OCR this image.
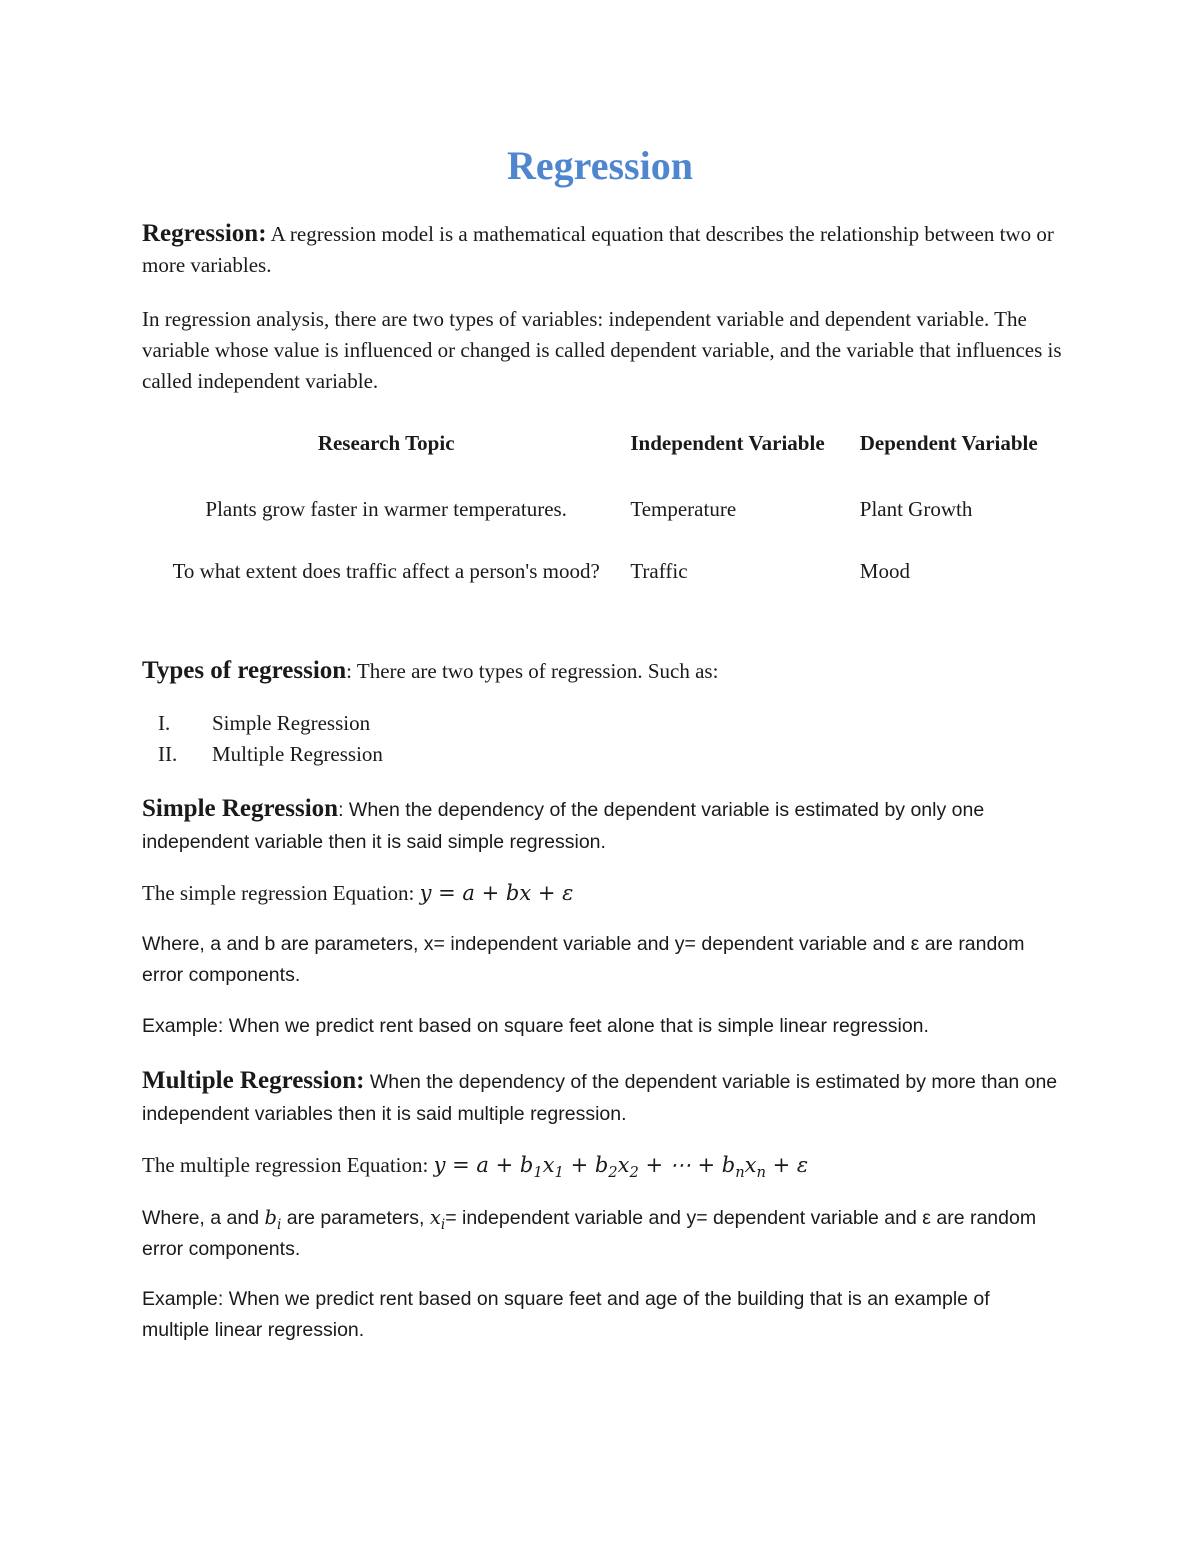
Regression
Regression: A regression model is a mathematical equation that describes the relationship between two or more variables.
In regression analysis, there are two types of variables: independent variable and dependent variable. The variable whose value is influenced or changed is called dependent variable, and the variable that influences is called independent variable.
Research Topic	Independent Variable	Dependent Variable

Plants grow faster in warmer temperatures.	Temperature	Plant Growth

To what extent does traffic affect a person's mood?	Traffic	Mood
Types of regression: There are two types of regression. Such as:
I. Simple Regression
II. Multiple Regression
Simple Regression: When the dependency of the dependent variable is estimated by only one independent variable then it is said simple regression.
The simple regression Equation: y = a + bx + ε
Where, a and b are parameters, x= independent variable and y= dependent variable and ε are random error components.
Example: When we predict rent based on square feet alone that is simple linear regression.
Multiple Regression: When the dependency of the dependent variable is estimated by more than one independent variables then it is said multiple regression.
The multiple regression Equation: $y = a + b_1x_1 + b_2x_2$ + ⋯ + $b_nx_n + \varepsilon$
Where, a and $b_i$ are parameters, $x_i=$ independent variable and y= dependent variable and ε are random error components.
Example: When we predict rent based on square feet and age of the building that is an example of multiple linear regression.
